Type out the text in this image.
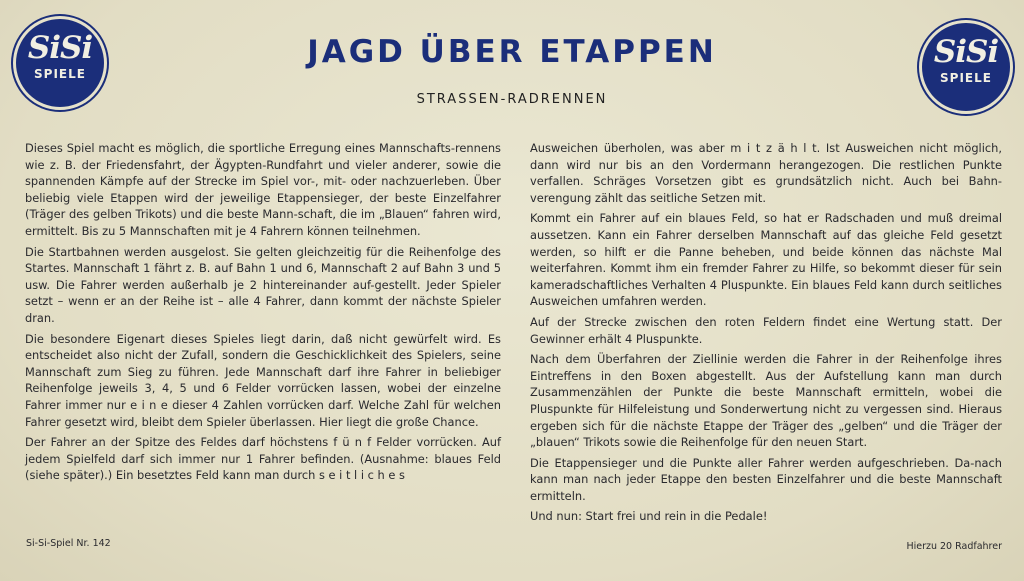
SiSi
SPIELE
SiSi
SPIELE
JAGD ÜBER ETAPPEN
STRASSEN-RADRENNEN

Dieses Spiel macht es möglich, die sportliche Erregung eines Mannschafts-rennens wie z. B. der Friedensfahrt, der Ägypten-Rundfahrt und vieler anderer, sowie die spannenden Kämpfe auf der Strecke im Spiel vor-, mit- oder nachzuerleben. Über beliebig viele Etappen wird der jeweilige Etappensieger, der beste Einzelfahrer (Träger des gelben Trikots) und die beste Mann-schaft, die im „Blauen“ fahren wird, ermittelt. Bis zu 5 Mannschaften mit je 4 Fahrern können teilnehmen.

Die Startbahnen werden ausgelost. Sie gelten gleichzeitig für die Reihenfolge des Startes. Mannschaft 1 fährt z. B. auf Bahn 1 und 6, Mannschaft 2 auf Bahn 3 und 5 usw. Die Fahrer werden außerhalb je 2 hintereinander auf-gestellt. Jeder Spieler setzt – wenn er an der Reihe ist – alle 4 Fahrer, dann kommt der nächste Spieler dran.

Die besondere Eigenart dieses Spieles liegt darin, daß nicht gewürfelt wird. Es entscheidet also nicht der Zufall, sondern die Geschicklichkeit des Spielers, seine Mannschaft zum Sieg zu führen. Jede Mannschaft darf ihre Fahrer in beliebiger Reihenfolge jeweils 3, 4, 5 und 6 Felder vorrücken lassen, wobei der einzelne Fahrer immer nur e i n e dieser 4 Zahlen vorrücken darf. Welche Zahl für welchen Fahrer gesetzt wird, bleibt dem Spieler überlassen. Hier liegt die große Chance.

Der Fahrer an der Spitze des Feldes darf höchstens f ü n f Felder vorrücken. Auf jedem Spielfeld darf sich immer nur 1 Fahrer befinden. (Ausnahme: blaues Feld (siehe später).) Ein besetztes Feld kann man durch s e i t l i c h e s

Ausweichen überholen, was aber m i t z ä h l t. Ist Ausweichen nicht möglich, dann wird nur bis an den Vordermann herangezogen. Die restlichen Punkte verfallen. Schräges Vorsetzen gibt es grundsätzlich nicht. Auch bei Bahn-verengung zählt das seitliche Setzen mit.

Kommt ein Fahrer auf ein blaues Feld, so hat er Radschaden und muß dreimal aussetzen. Kann ein Fahrer derselben Mannschaft auf das gleiche Feld gesetzt werden, so hilft er die Panne beheben, und beide können das nächste Mal weiterfahren. Kommt ihm ein fremder Fahrer zu Hilfe, so bekommt dieser für sein kameradschaftliches Verhalten 4 Pluspunkte. Ein blaues Feld kann durch seitliches Ausweichen umfahren werden.

Auf der Strecke zwischen den roten Feldern findet eine Wertung statt. Der Gewinner erhält 4 Pluspunkte.

Nach dem Überfahren der Ziellinie werden die Fahrer in der Reihenfolge ihres Eintreffens in den Boxen abgestellt. Aus der Aufstellung kann man durch Zusammenzählen der Punkte die beste Mannschaft ermitteln, wobei die Pluspunkte für Hilfeleistung und Sonderwertung nicht zu vergessen sind. Hieraus ergeben sich für die nächste Etappe der Träger des „gelben“ und die Träger der „blauen“ Trikots sowie die Reihenfolge für den neuen Start.

Die Etappensieger und die Punkte aller Fahrer werden aufgeschrieben. Da-nach kann man nach jeder Etappe den besten Einzelfahrer und die beste Mannschaft ermitteln.

Und nun: Start frei und rein in die Pedale!

Si-Si-Spiel Nr. 142	Hierzu 20 Radfahrer
